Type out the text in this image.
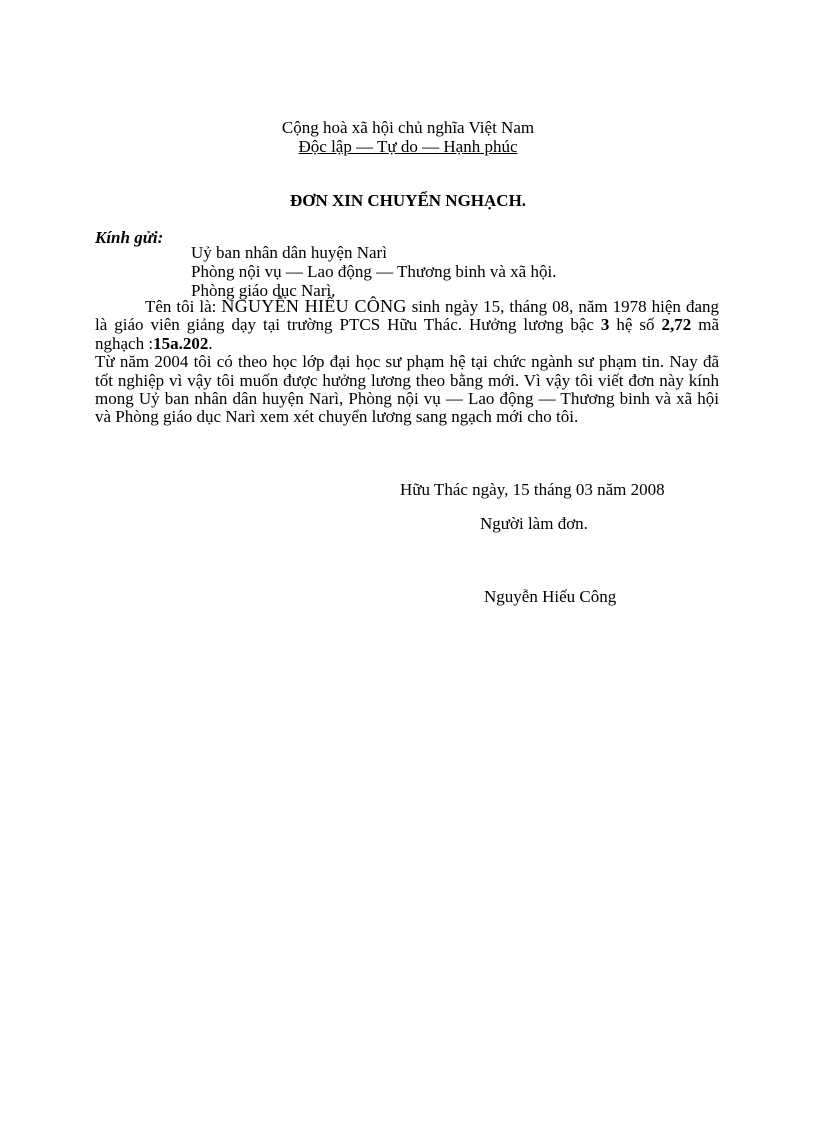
Cộng hoà xã hội chủ nghĩa Việt Nam
Độc lập — Tự do — Hạnh phúc
ĐƠN XIN CHUYỂN NGHẠCH.
Kính gửi:
Uỷ ban nhân dân huyện Narì
Phòng nội vụ — Lao động — Thương binh và xã hội.
Phòng giáo dục Narì.

Tên tôi là: NGUYỄN HIẾU CÔNG sinh ngày 15, tháng 08, năm 1978 hiện đang là giáo viên giảng dạy tại trường PTCS Hữu Thác. Hưởng lương bậc 3 hệ số 2,72 mã nghạch :15a.202.

Từ năm 2004 tôi có theo học lớp đại học sư phạm hệ tại chức ngành sư phạm tin. Nay đã tốt nghiệp vì vậy tôi muốn được hưởng lương theo bằng mới. Vì vậy tôi viết đơn này kính mong Uỷ ban nhân dân huyện Narì, Phòng nội vụ — Lao động — Thương binh và xã hội và Phòng giáo dục Narì xem xét chuyển lương sang ngạch mới cho tôi.

Hữu Thác ngày, 15 tháng 03 năm 2008
Người làm đơn.
Nguyễn Hiếu Công
